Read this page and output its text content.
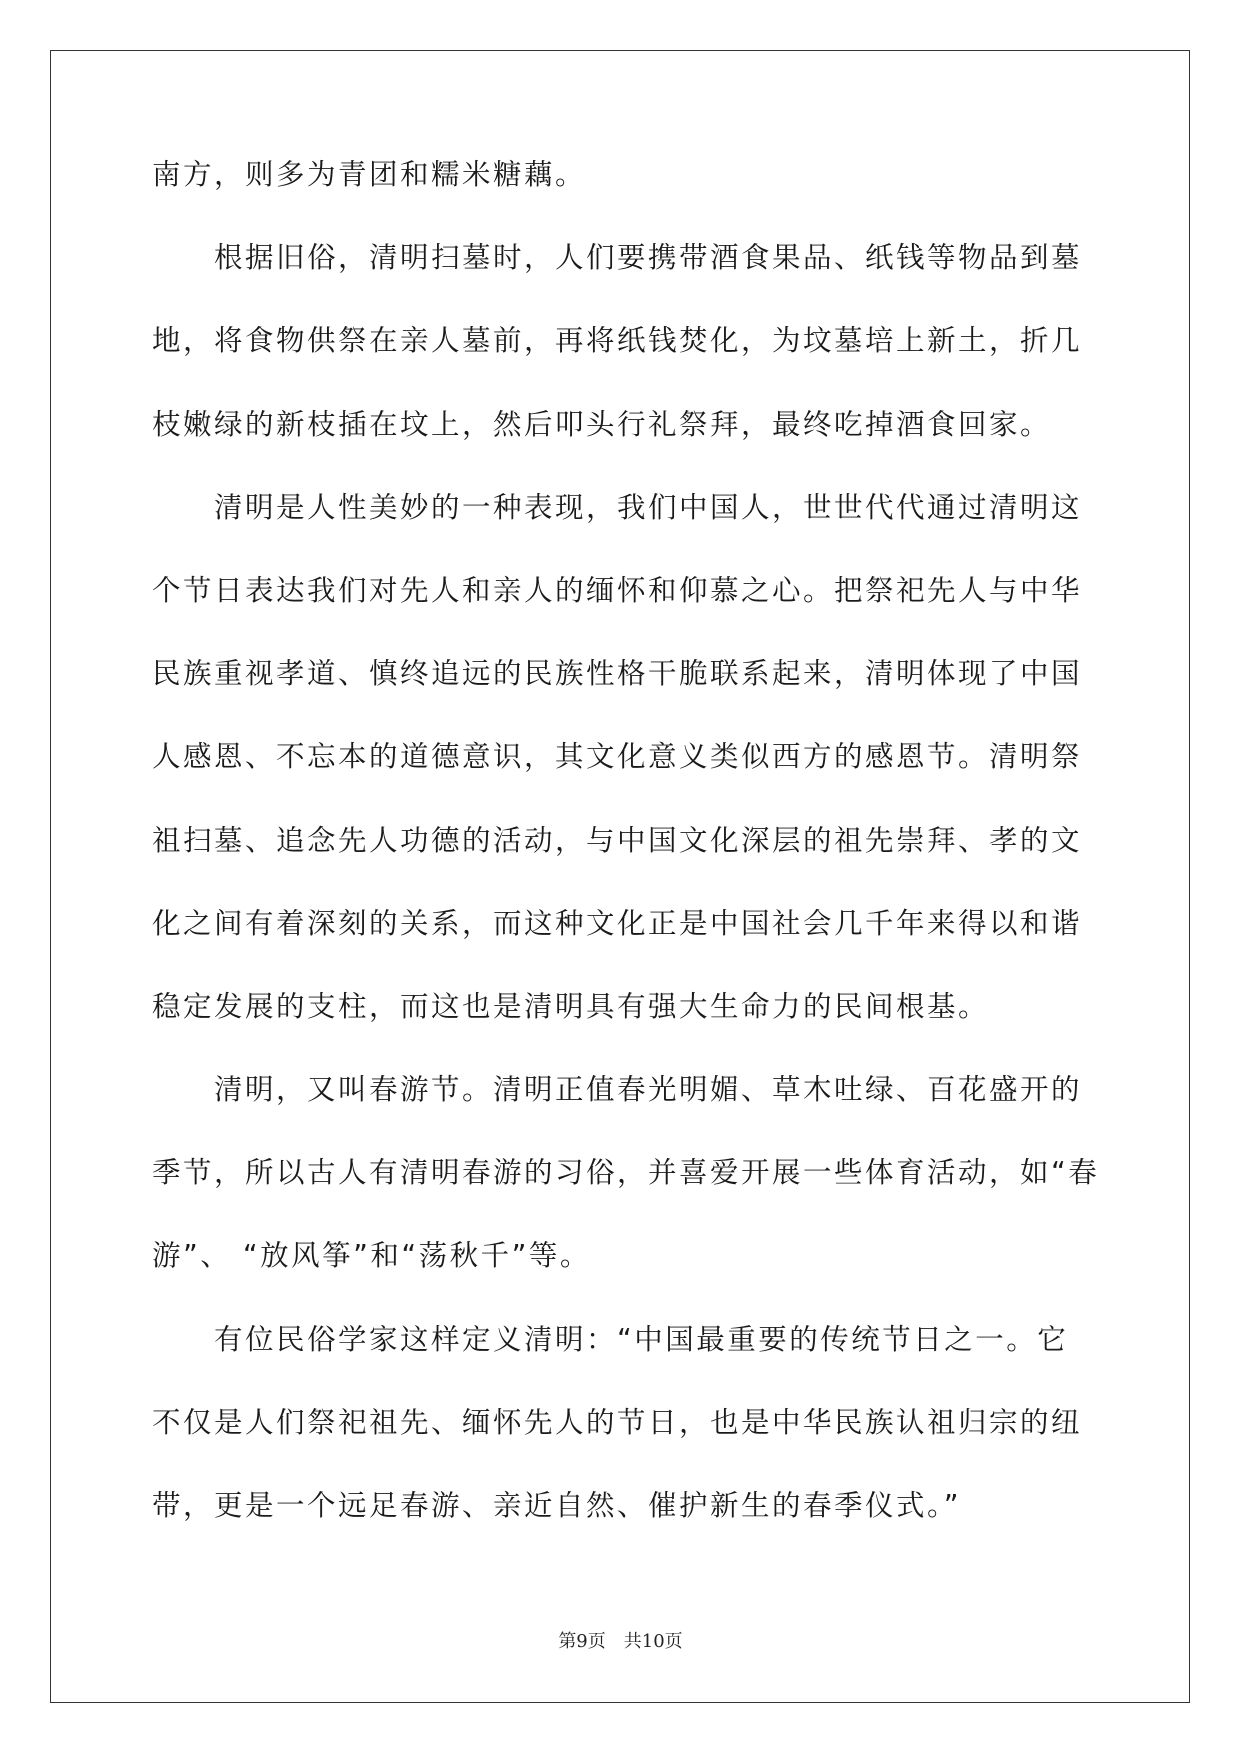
南方，则多为青团和糯米糖藕。
根据旧俗，清明扫墓时，人们要携带酒食果品、纸钱等物品到墓
地，将食物供祭在亲人墓前，再将纸钱焚化，为坟墓培上新土，折几
枝嫩绿的新枝插在坟上，然后叩头行礼祭拜，最终吃掉酒食回家。
清明是人性美妙的一种表现，我们中国人，世世代代通过清明这
个节日表达我们对先人和亲人的缅怀和仰慕之心。把祭祀先人与中华
民族重视孝道、慎终追远的民族性格干脆联系起来，清明体现了中国
人感恩、不忘本的道德意识，其文化意义类似西方的感恩节。清明祭
祖扫墓、追念先人功德的活动，与中国文化深层的祖先崇拜、孝的文
化之间有着深刻的关系，而这种文化正是中国社会几千年来得以和谐
稳定发展的支柱，而这也是清明具有强大生命力的民间根基。
清明，又叫春游节。清明正值春光明媚、草木吐绿、百花盛开的
季节，所以古人有清明春游的习俗，并喜爱开展一些体育活动，如“春
游”、 “放风筝”和“荡秋千”等。
有位民俗学家这样定义清明：“中国最重要的传统节日之一。它
不仅是人们祭祀祖先、缅怀先人的节日，也是中华民族认祖归宗的纽
带，更是一个远足春游、亲近自然、催护新生的春季仪式。”
第9页 共10页
